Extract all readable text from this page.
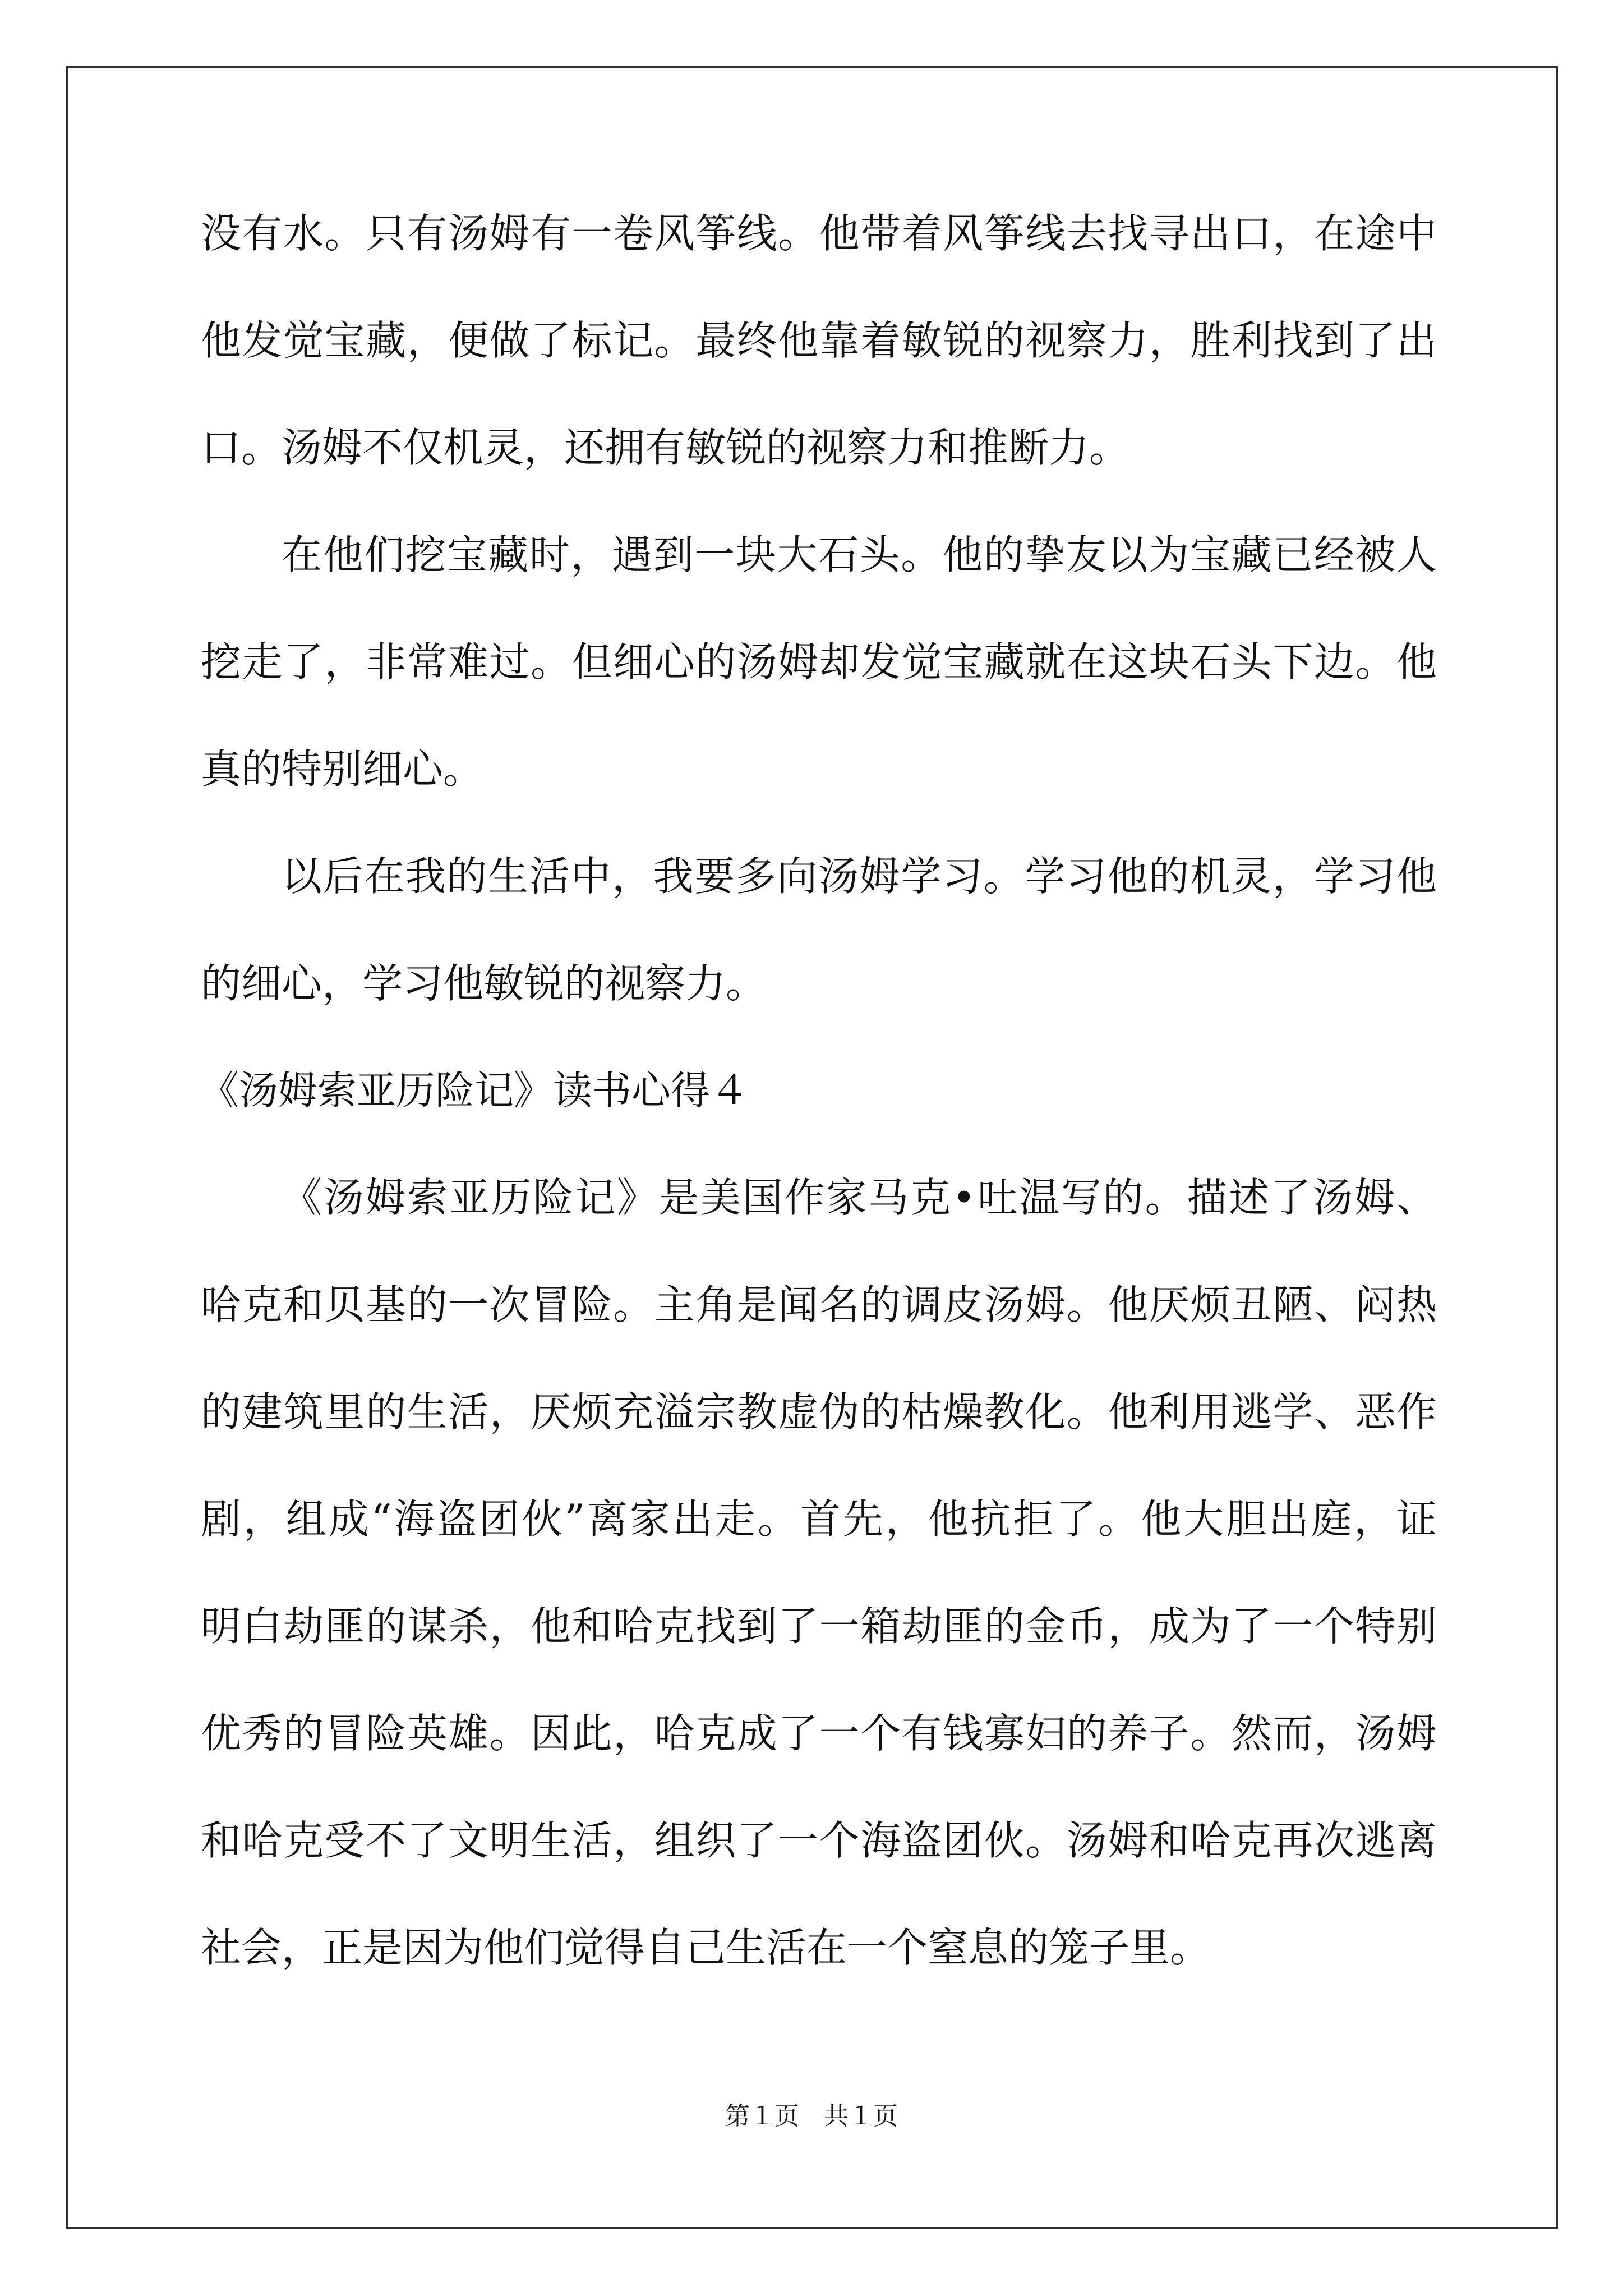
没有水。只有汤姆有一卷风筝线。他带着风筝线去找寻出口，在途中
他发觉宝藏，便做了标记。最终他靠着敏锐的视察力，胜利找到了出
口。汤姆不仅机灵，还拥有敏锐的视察力和推断力。
在他们挖宝藏时，遇到一块大石头。他的挚友以为宝藏已经被人
挖走了，非常难过。但细心的汤姆却发觉宝藏就在这块石头下边。他
真的特别细心。
以后在我的生活中，我要多向汤姆学习。学习他的机灵，学习他
的细心，学习他敏锐的视察力。
《汤姆索亚历险记》读书心得４
《汤姆索亚历险记》是美国作家马克•吐温写的。描述了汤姆、
哈克和贝基的一次冒险。主角是闻名的调皮汤姆。他厌烦丑陋、闷热
的建筑里的生活，厌烦充溢宗教虚伪的枯燥教化。他利用逃学、恶作
剧，组成“海盗团伙”离家出走。首先，他抗拒了。他大胆出庭，证
明白劫匪的谋杀，他和哈克找到了一箱劫匪的金币，成为了一个特别
优秀的冒险英雄。因此，哈克成了一个有钱寡妇的养子。然而，汤姆
和哈克受不了文明生活，组织了一个海盗团伙。汤姆和哈克再次逃离
社会，正是因为他们觉得自己生活在一个窒息的笼子里。
第１页　共１页
